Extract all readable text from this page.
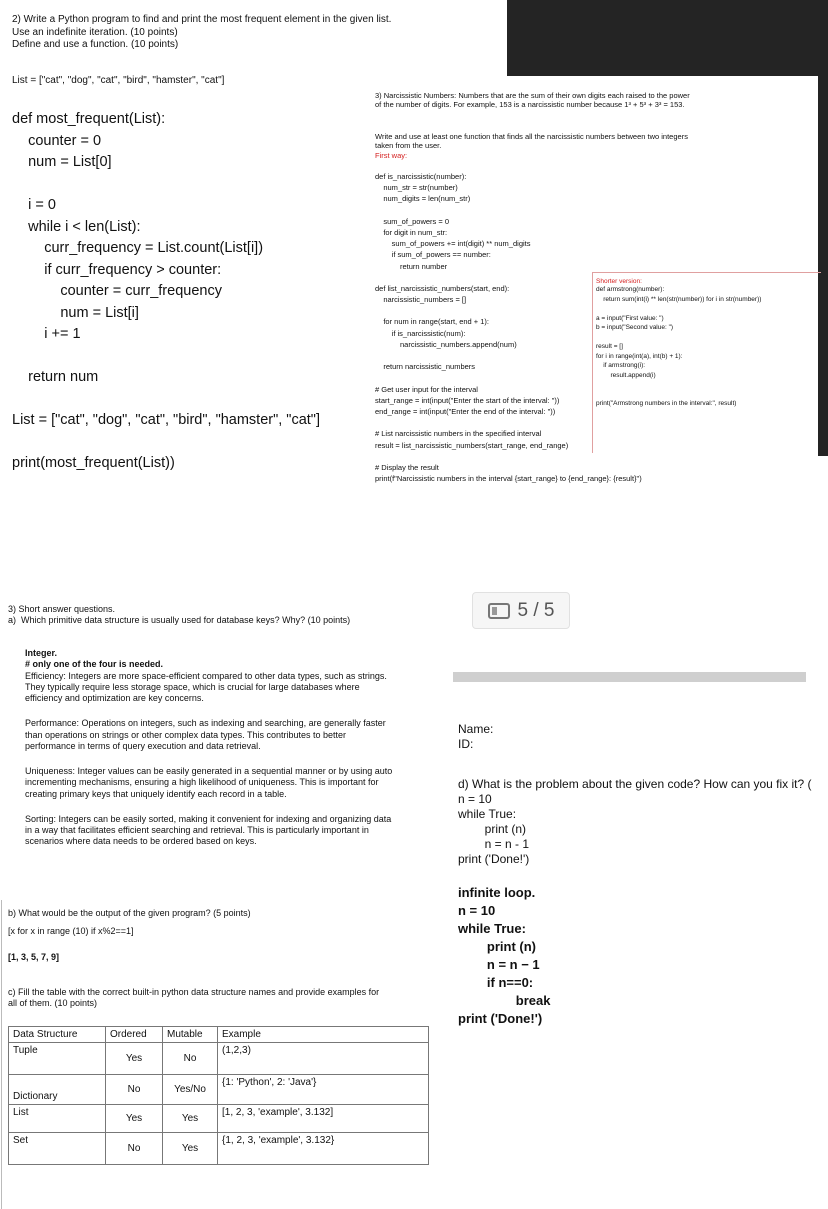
2) Write a Python program to find and print the most frequent element in the given list.
Use an indefinite iteration. (10 points)
Define and use a function. (10 points)
List = ["cat", "dog", "cat", "bird", "hamster", "cat"]
def most_frequent(List):
counter = 0
num = List[0]
i = 0
while i < len(List):
curr_frequency = List.count(List[i])
if curr_frequency > counter:
counter = curr_frequency
num = List[i]
i += 1
return num
List = ["cat", "dog", "cat", "bird", "hamster", "cat"]
print(most_frequent(List))
3) Narcissistic Numbers: Numbers that are the sum of their own digits each raised to the power
of the number of digits. For example, 153 is a narcissistic number because 1³ + 5³ + 3³ = 153.
Write and use at least one function that finds all the narcissistic numbers between two integers
taken from the user.
First way:
def is_narcissistic(number):
num_str = str(number)
num_digits = len(num_str)
sum_of_powers = 0
for digit in num_str:
sum_of_powers += int(digit) ** num_digits
if sum_of_powers == number:
return number
def list_narcissistic_numbers(start, end):
narcissistic_numbers = []
for num in range(start, end + 1):
if is_narcissistic(num):
narcissistic_numbers.append(num)
return narcissistic_numbers
# Get user input for the interval
start_range = int(input("Enter the start of the interval: "))
end_range = int(input("Enter the end of the interval: "))
# List narcissistic numbers in the specified interval
result = list_narcissistic_numbers(start_range, end_range)
# Display the result
print(f"Narcissistic numbers in the interval {start_range} to {end_range}: {result}")
Shorter version:
def armstrong(number):
return sum(int(i) ** len(str(number)) for i in str(number))
a = input("First value: ")
b = input("Second value: ")
result = []
for i in range(int(a), int(b) + 1):
if armstrong(i):
result.append(i)
print("Armstrong numbers in the interval:", result)
5 / 5
3) Short answer questions.
a)  Which primitive data structure is usually used for database keys? Why? (10 points)
Integer.
# only one of the four is needed.
Efficiency: Integers are more space-efficient compared to other data types, such as strings.
They typically require less storage space, which is crucial for large databases where
efficiency and optimization are key concerns.
Performance: Operations on integers, such as indexing and searching, are generally faster
than operations on strings or other complex data types. This contributes to better
performance in terms of query execution and data retrieval.
Uniqueness: Integer values can be easily generated in a sequential manner or by using auto
incrementing mechanisms, ensuring a high likelihood of uniqueness. This is important for
creating primary keys that uniquely identify each record in a table.
Sorting: Integers can be easily sorted, making it convenient for indexing and organizing data
in a way that facilitates efficient searching and retrieval. This is particularly important in
scenarios where data needs to be ordered based on keys.
b) What would be the output of the given program? (5 points)
[x for x in range (10) if x%2==1]
[1, 3, 5, 7, 9]
c) Fill the table with the correct built-in python data structure names and provide examples for
all of them. (10 points)
Data Structure	Ordered	Mutable	Example
Tuple	Yes	No	(1,2,3)
Dictionary	No	Yes/No	{1: 'Python', 2: 'Java'}
List	Yes	Yes	[1, 2, 3, 'example', 3.132]
Set	No	Yes	{1, 2, 3, 'example', 3.132}
Name:
ID:
d) What is the problem about the given code? How can you fix it? (
n = 10
while True:
print (n)
n = n - 1
print ('Done!')
infinite loop.
n = 10
while True:
print (n)
n = n − 1
if n==0:
break
print ('Done!')
